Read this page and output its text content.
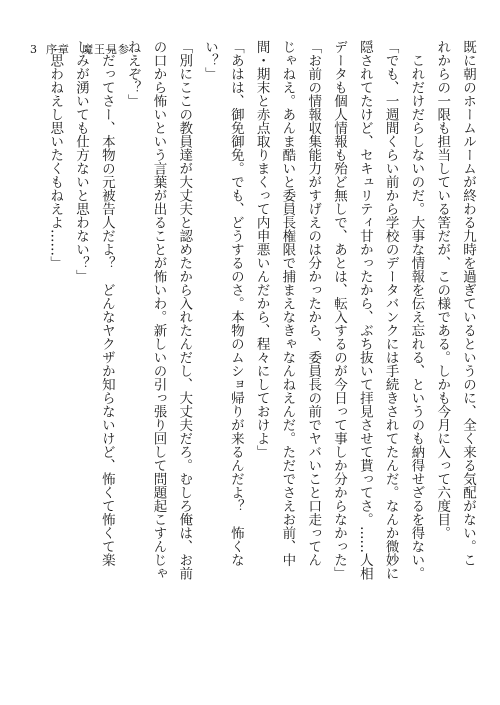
3 序章　魔王見参	既に朝のホームルームが終わる九時を過ぎているというのに、全く来る気配がない。こ
れからの一限も担当している筈だが、この様である。しかも今月に入って六度目。
　これだけだらしないのだ。大事な情報を伝え忘れる、というのも納得せざるを得ない。
「でも、一週間くらい前から学校のデータバンクには手続きされてたんだ。なんか微妙に
隠されてたけど、セキュリティ甘かったから、ぶち抜いて拝見させて貰ってさ。……人相
データも個人情報も殆ど無しで、あとは、転入するのが今日って事しか分からなかった」
「お前の情報収集能力がすげえのは分かったから、委員長の前でヤバいこと口走ってん
じゃねえ。あんま酷いと委員長権限で捕まえなきゃなんねえんだ。ただでさえお前、中
間・期末と赤点取りまくって内申悪いんだから、程々にしておけよ」
「あはは、御免御免。でも、どうするのさ。本物のムショ帰りが来るんだよ？　怖くな
い？」
「別にここの教員達が大丈夫と認めたから入れたんだし、大丈夫だろ。むしろ俺は、お前
の口から怖いという言葉が出ることが怖いわ。新しいの引っ張り回して問題起こすんじゃ
ねえぞ？」
「だってさー、本物の元被告人だよ？　どんなヤクザか知らないけど、怖くて怖くて楽
しみが湧いても仕方ないと思わない？」
「思わねえし思いたくもねえよ……」
